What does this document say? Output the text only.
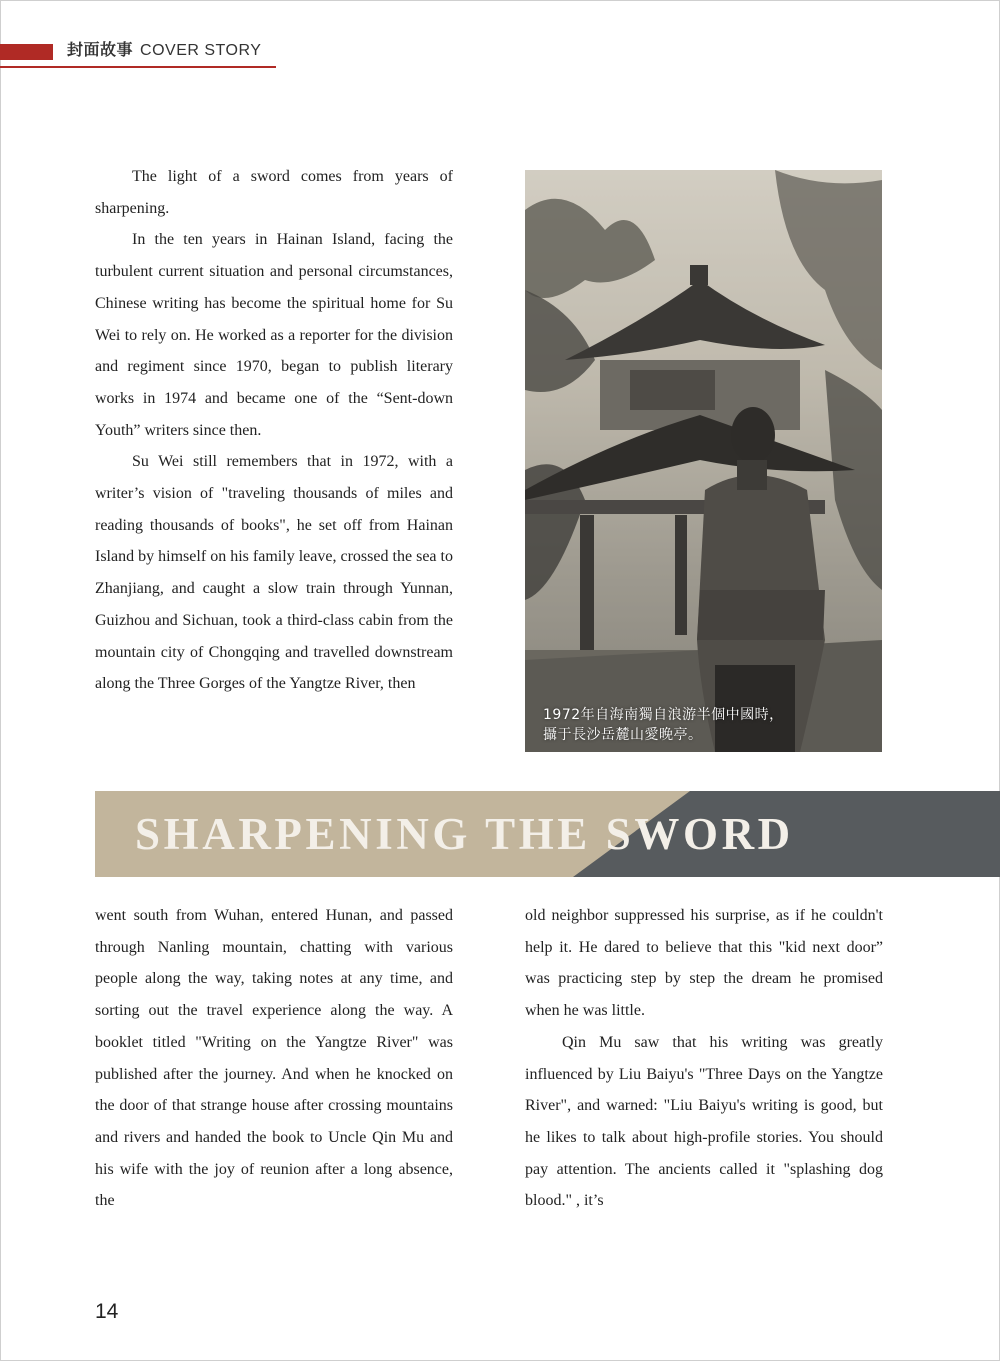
封面故事 COVER STORY

The light of a sword comes from years of sharpening.

In the ten years in Hainan Island, facing the turbulent current situation and personal circumstances, Chinese writing has become the spiritual home for Su Wei to rely on. He worked as a reporter for the division and regiment since 1970, began to publish literary works in 1974 and became one of the “Sent-down Youth” writers since then.

Su Wei still remembers that in 1972, with a writer’s vision of "traveling thousands of miles and reading thousands of books", he set off from Hainan Island by himself on his family leave, crossed the sea to Zhanjiang, and caught a slow train through Yunnan, Guizhou and Sichuan, took a third-class cabin from the mountain city of Chongqing and travelled downstream along the Three Gorges of the Yangtze River, then

1972年自海南獨自浪游半個中國時，
攝于長沙岳麓山愛晚亭。
SHARPENING THE SWORD

went south from Wuhan, entered Hunan, and passed through Nanling mountain, chatting with various people along the way, taking notes at any time, and sorting out the travel experience along the way. A booklet titled "Writing on the Yangtze River" was published after the journey. And when he knocked on the door of that strange house after crossing mountains and rivers and handed the book to Uncle Qin Mu and his wife with the joy of reunion after a long absence, the

old neighbor suppressed his surprise, as if he couldn't help it. He dared to believe that this "kid next door” was practicing step by step the dream he promised when he was little.

Qin Mu saw that his writing was greatly influenced by Liu Baiyu's "Three Days on the Yangtze River", and warned: "Liu Baiyu's writing is good, but he likes to talk about high-profile stories. You should pay attention. The ancients called it "splashing dog blood." , it’s

14
